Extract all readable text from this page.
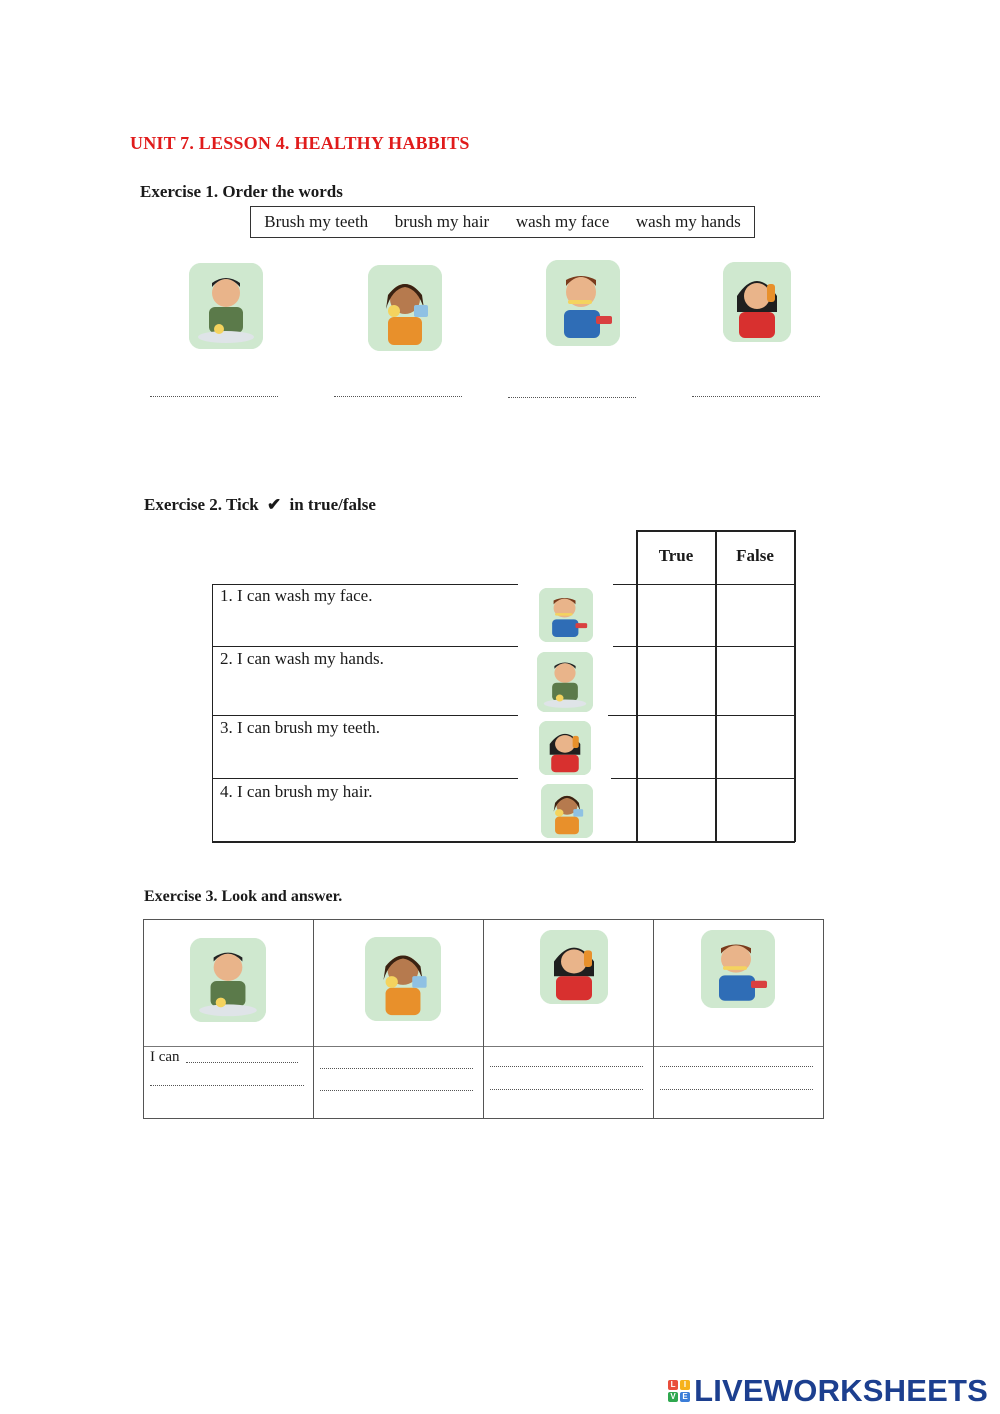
UNIT 7. LESSON 4. HEALTHY HABBITS
Exercise 1. Order the words
Brush my teeth brush my hair wash my face wash my hands
Exercise 2. Tick ✔ in true/false
True	False
1. I can wash my face.
2. I can wash my hands.
3. I can brush my teeth.
4. I can brush my hair.
Exercise 3. Look and answer.
I can
L	I
V E LIVEWORKSHEETS
